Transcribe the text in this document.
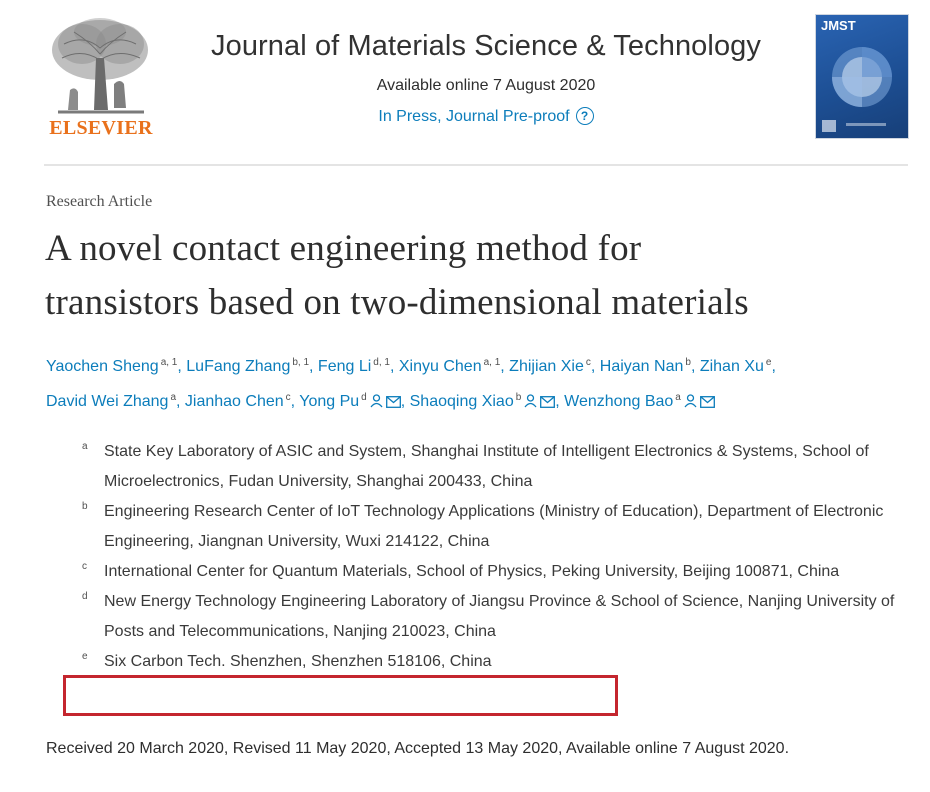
ELSEVIER
Journal of Materials Science & Technology
Available online 7 August 2020
In Press, Journal Pre-proof ?
JMST
Research Article
A novel contact engineering method for
transistors based on two-dimensional materials
Yaochen Sheng $^{a, 1}$, LuFang Zhang $^{b, 1}$, Feng Li $^{d, 1}$, Xinyu Chen $^{a, 1}$, Zhijian Xie $^c$, Haiyan Nan $^b$, Zihan Xu $^e$,
David Wei Zhang $^a$, Jianhao Chen $^c$, Yong Pu $^d$ , Shaoqing Xiao $^b$ , Wenzhong Bao $^a$
a State Key Laboratory of ASIC and System, Shanghai Institute of Intelligent Electronics & Systems, School of Microelectronics, Fudan University, Shanghai 200433, China
b Engineering Research Center of IoT Technology Applications (Ministry of Education), Department of Electronic Engineering, Jiangnan University, Wuxi 214122, China
c International Center for Quantum Materials, School of Physics, Peking University, Beijing 100871, China
d New Energy Technology Engineering Laboratory of Jiangsu Province & School of Science, Nanjing University of Posts and Telecommunications, Nanjing 210023, China
e Six Carbon Tech. Shenzhen, Shenzhen 518106, China
Received 20 March 2020, Revised 11 May 2020, Accepted 13 May 2020, Available online 7 August 2020.
